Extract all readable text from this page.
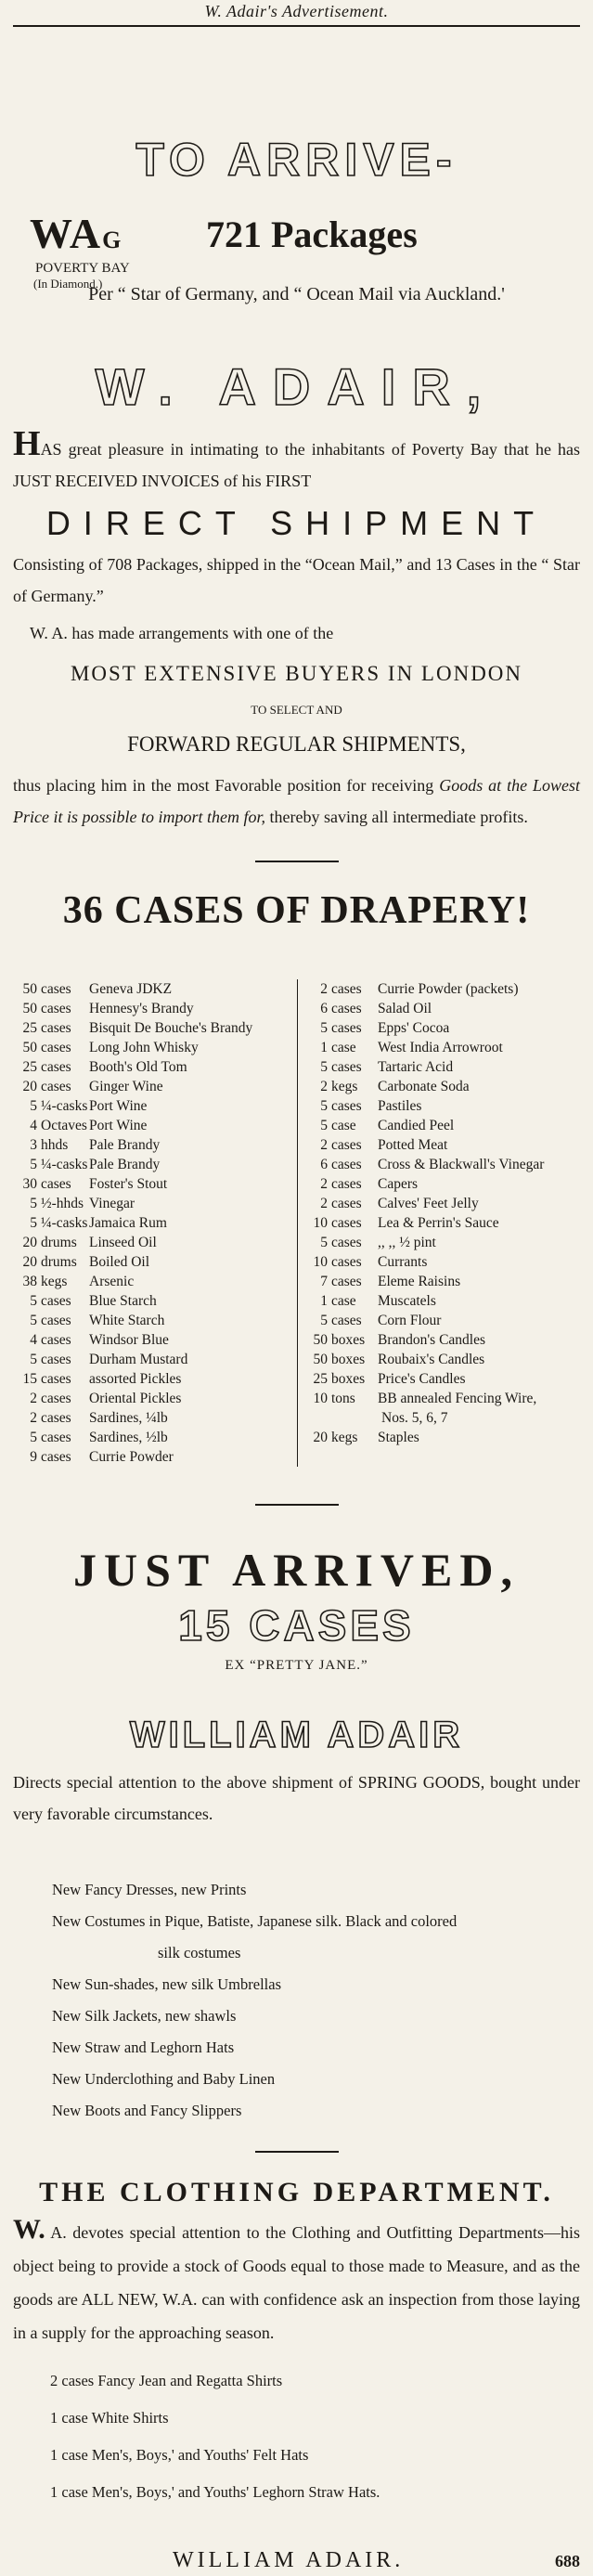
W. Adair's Advertisement.
TO ARRIVE-
WAG 721 Packages
POVERTY BAY
(In Diamond.)
Per “ Star of Germany, and “ Ocean Mail via Auckland.'
W. ADAIR,
HAS great pleasure in intimating to the inhabitants of Poverty Bay that he has JUST RECEIVED INVOICES of his FIRST
DIRECT SHIPMENT
Consisting of 708 Packages, shipped in the “Ocean Mail,” and 13 Cases in the “ Star of Germany.”
W. A. has made arrangements with one of the
MOST EXTENSIVE BUYERS IN LONDON
TO SELECT AND
FORWARD REGULAR SHIPMENTS,
thus placing him in the most Favorable position for receiving Goods at the Lowest Price it is possible to import them for, thereby saving all intermediate profits.
36 CASES OF DRAPERY!
50 cases	Geneva JDKZ
50 cases	Hennesy's Brandy
25 cases	Bisquit De Bouche's Brandy
50 cases	Long John Whisky
25 cases	Booth's Old Tom
20 cases	Ginger Wine
5 ¼-casks Port Wine
4 Octaves Port Wine
3 hhds	Pale Brandy
5 ¼-casks Pale Brandy
30 cases	Foster's Stout
5 ½-hhds Vinegar
5 ¼-casks Jamaica Rum
20 drums Linseed Oil
20 drums Boiled Oil
38 kegs	Arsenic
5 cases	Blue Starch
5 cases	White Starch
4 cases	Windsor Blue
5 cases	Durham Mustard
15 cases	assorted Pickles
2 cases	Oriental Pickles
2 cases	Sardines, ¼lb
5 cases	Sardines, ½lb
9 cases	Currie Powder
2 cases	Currie Powder (packets)
6 cases	Salad Oil
5 cases	Epps' Cocoa
1 case	West India Arrowroot
5 cases	Tartaric Acid
2 kegs	Carbonate Soda
5 cases	Pastiles
5 case	Candied Peel
2 cases	Potted Meat
6 cases	Cross & Blackwall's Vinegar
2 cases	Capers
2 cases	Calves' Feet Jelly
10 cases	Lea & Perrin's Sauce
5 cases	,, ,, ½ pint
10 cases	Currants
7 cases	Eleme Raisins
1 case	Muscatels
5 cases	Corn Flour
50 boxes Brandon's Candles
50 boxes Roubaix's Candles
25 boxes Price's Candles
10 tons	BB annealed Fencing Wire,
Nos. 5, 6, 7
20 kegs	Staples
JUST ARRIVED,
15 CASES
EX “PRETTY JANE.”
WILLIAM ADAIR
Directs special attention to the above shipment of SPRING GOODS, bought under very favorable circumstances.
New Fancy Dresses, new Prints
New Costumes in Pique, Batiste, Japanese silk. Black and colored
silk costumes
New Sun-shades, new silk Umbrellas
New Silk Jackets, new shawls
New Straw and Leghorn Hats
New Underclothing and Baby Linen
New Boots and Fancy Slippers
THE CLOTHING DEPARTMENT.
W. A. devotes special attention to the Clothing and Outfitting Departments—his object being to provide a stock of Goods equal to those made to Measure, and as the goods are ALL NEW, W.A. can with confidence ask an inspection from those laying in a supply for the approaching season.
2 cases Fancy Jean and Regatta Shirts
1 case White Shirts
1 case Men's, Boys,' and Youths' Felt Hats
1 case Men's, Boys,' and Youths' Leghorn Straw Hats.
WILLIAM ADAIR.	688
